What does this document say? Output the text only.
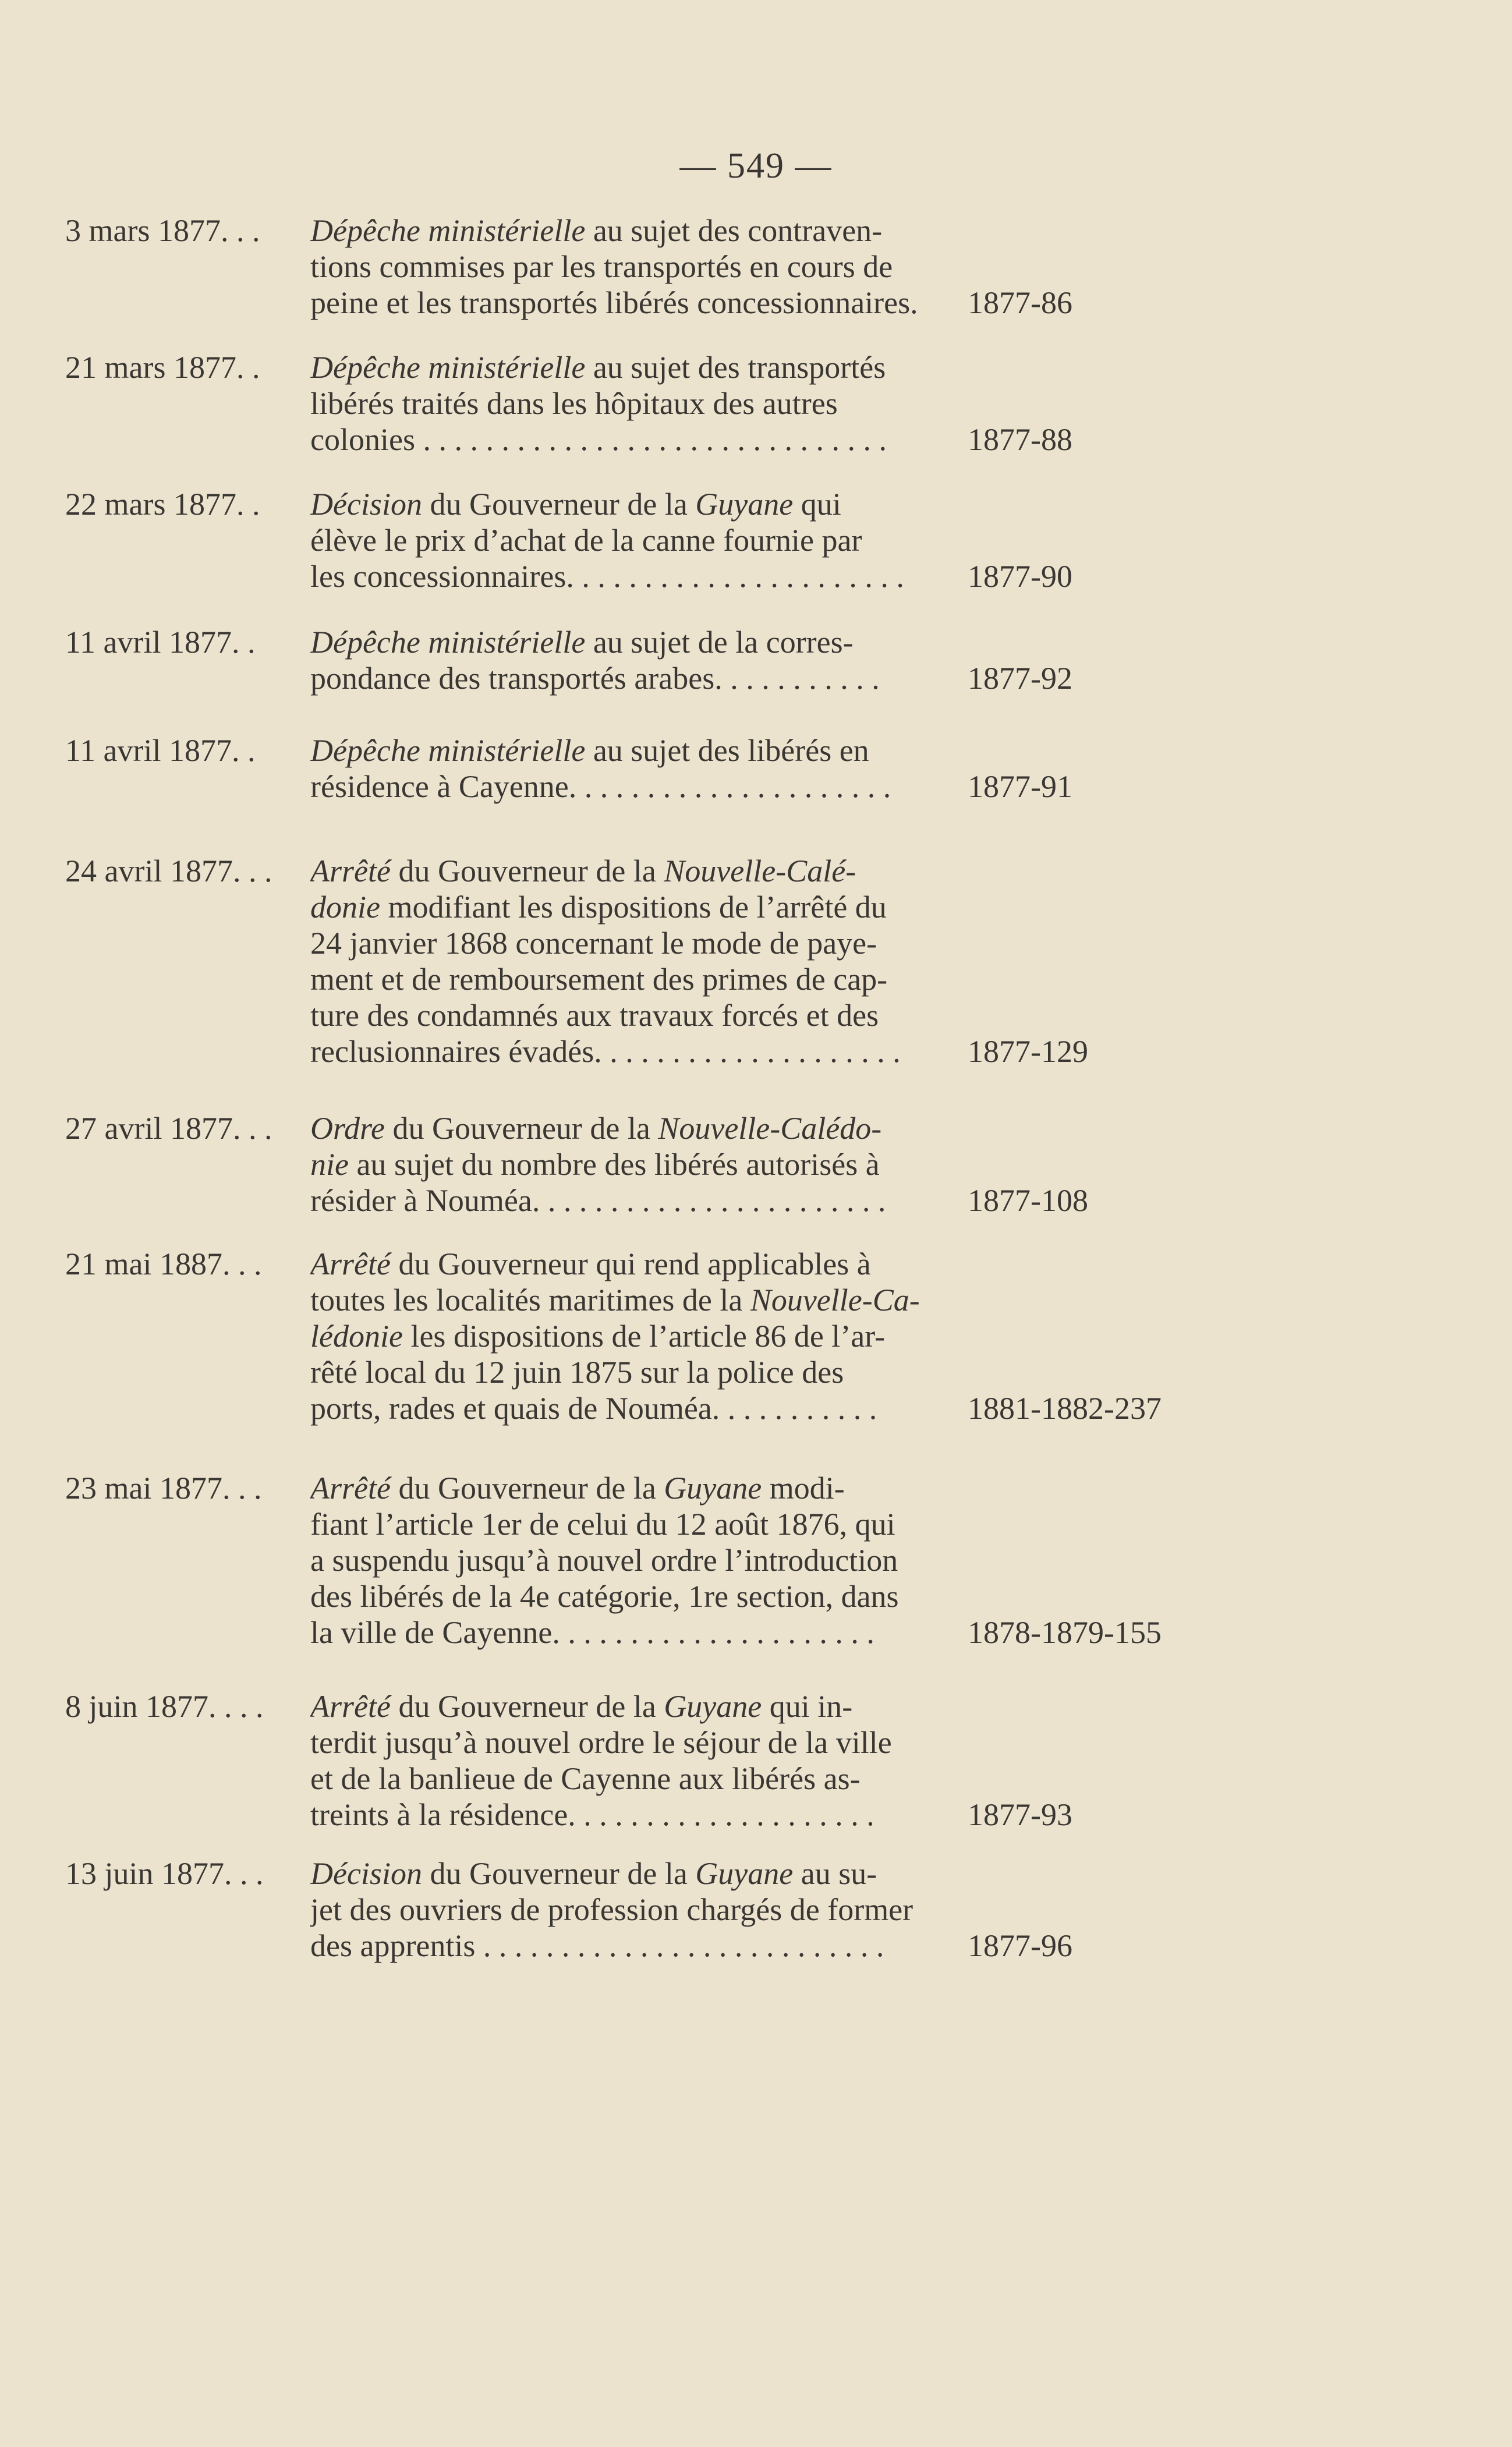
— 549 —
3 mars 1877. . .	Dépêche ministérielle au sujet des contraven-
tions commises par les transportés en cours de
peine et les transportés libérés concessionnaires.	1877-86
21 mars 1877. .	Dépêche ministérielle au sujet des transportés
libérés traités dans les hôpitaux des autres
colonies . . . . . . . . . . . . . . . . . . . . . . . . . . . . . .	1877-88
22 mars 1877. .	Décision du Gouverneur de la Guyane qui
élève le prix d’achat de la canne fournie par
les concessionnaires. . . . . . . . . . . . . . . . . . . . . .	1877-90
11 avril 1877. .	Dépêche ministérielle au sujet de la corres-
pondance des transportés arabes. . . . . . . . . . .	1877-92
11 avril 1877. .	Dépêche ministérielle au sujet des libérés en
résidence à Cayenne. . . . . . . . . . . . . . . . . . . . .	1877-91
24 avril 1877. . .	Arrêté du Gouverneur de la Nouvelle-Calé-
donie modifiant les dispositions de l’arrêté du
24 janvier 1868 concernant le mode de paye-
ment et de remboursement des primes de cap-
ture des condamnés aux travaux forcés et des
reclusionnaires évadés. . . . . . . . . . . . . . . . . . . .	1877-129
27 avril 1877. . .	Ordre du Gouverneur de la Nouvelle-Calédo-
nie au sujet du nombre des libérés autorisés à
résider à Nouméa. . . . . . . . . . . . . . . . . . . . . . .	1877-108
21 mai 1887. . .	Arrêté du Gouverneur qui rend applicables à
toutes les localités maritimes de la Nouvelle-Ca-
lédonie les dispositions de l’article 86 de l’ar-
rêté local du 12 juin 1875 sur la police des
ports, rades et quais de Nouméa. . . . . . . . . . .	1881-1882-237
23 mai 1877. . .	Arrêté du Gouverneur de la Guyane modi-
fiant l’article 1er de celui du 12 août 1876, qui
a suspendu jusqu’à nouvel ordre l’introduction
des libérés de la 4e catégorie, 1re section, dans
la ville de Cayenne. . . . . . . . . . . . . . . . . . . . .	1878-1879-155
8 juin 1877. . . .	Arrêté du Gouverneur de la Guyane qui in-
terdit jusqu’à nouvel ordre le séjour de la ville
et de la banlieue de Cayenne aux libérés as-
treints à la résidence. . . . . . . . . . . . . . . . . . . .	1877-93
13 juin 1877. . .	Décision du Gouverneur de la Guyane au su-
jet des ouvriers de profession chargés de former
des apprentis . . . . . . . . . . . . . . . . . . . . . . . . . .	1877-96
